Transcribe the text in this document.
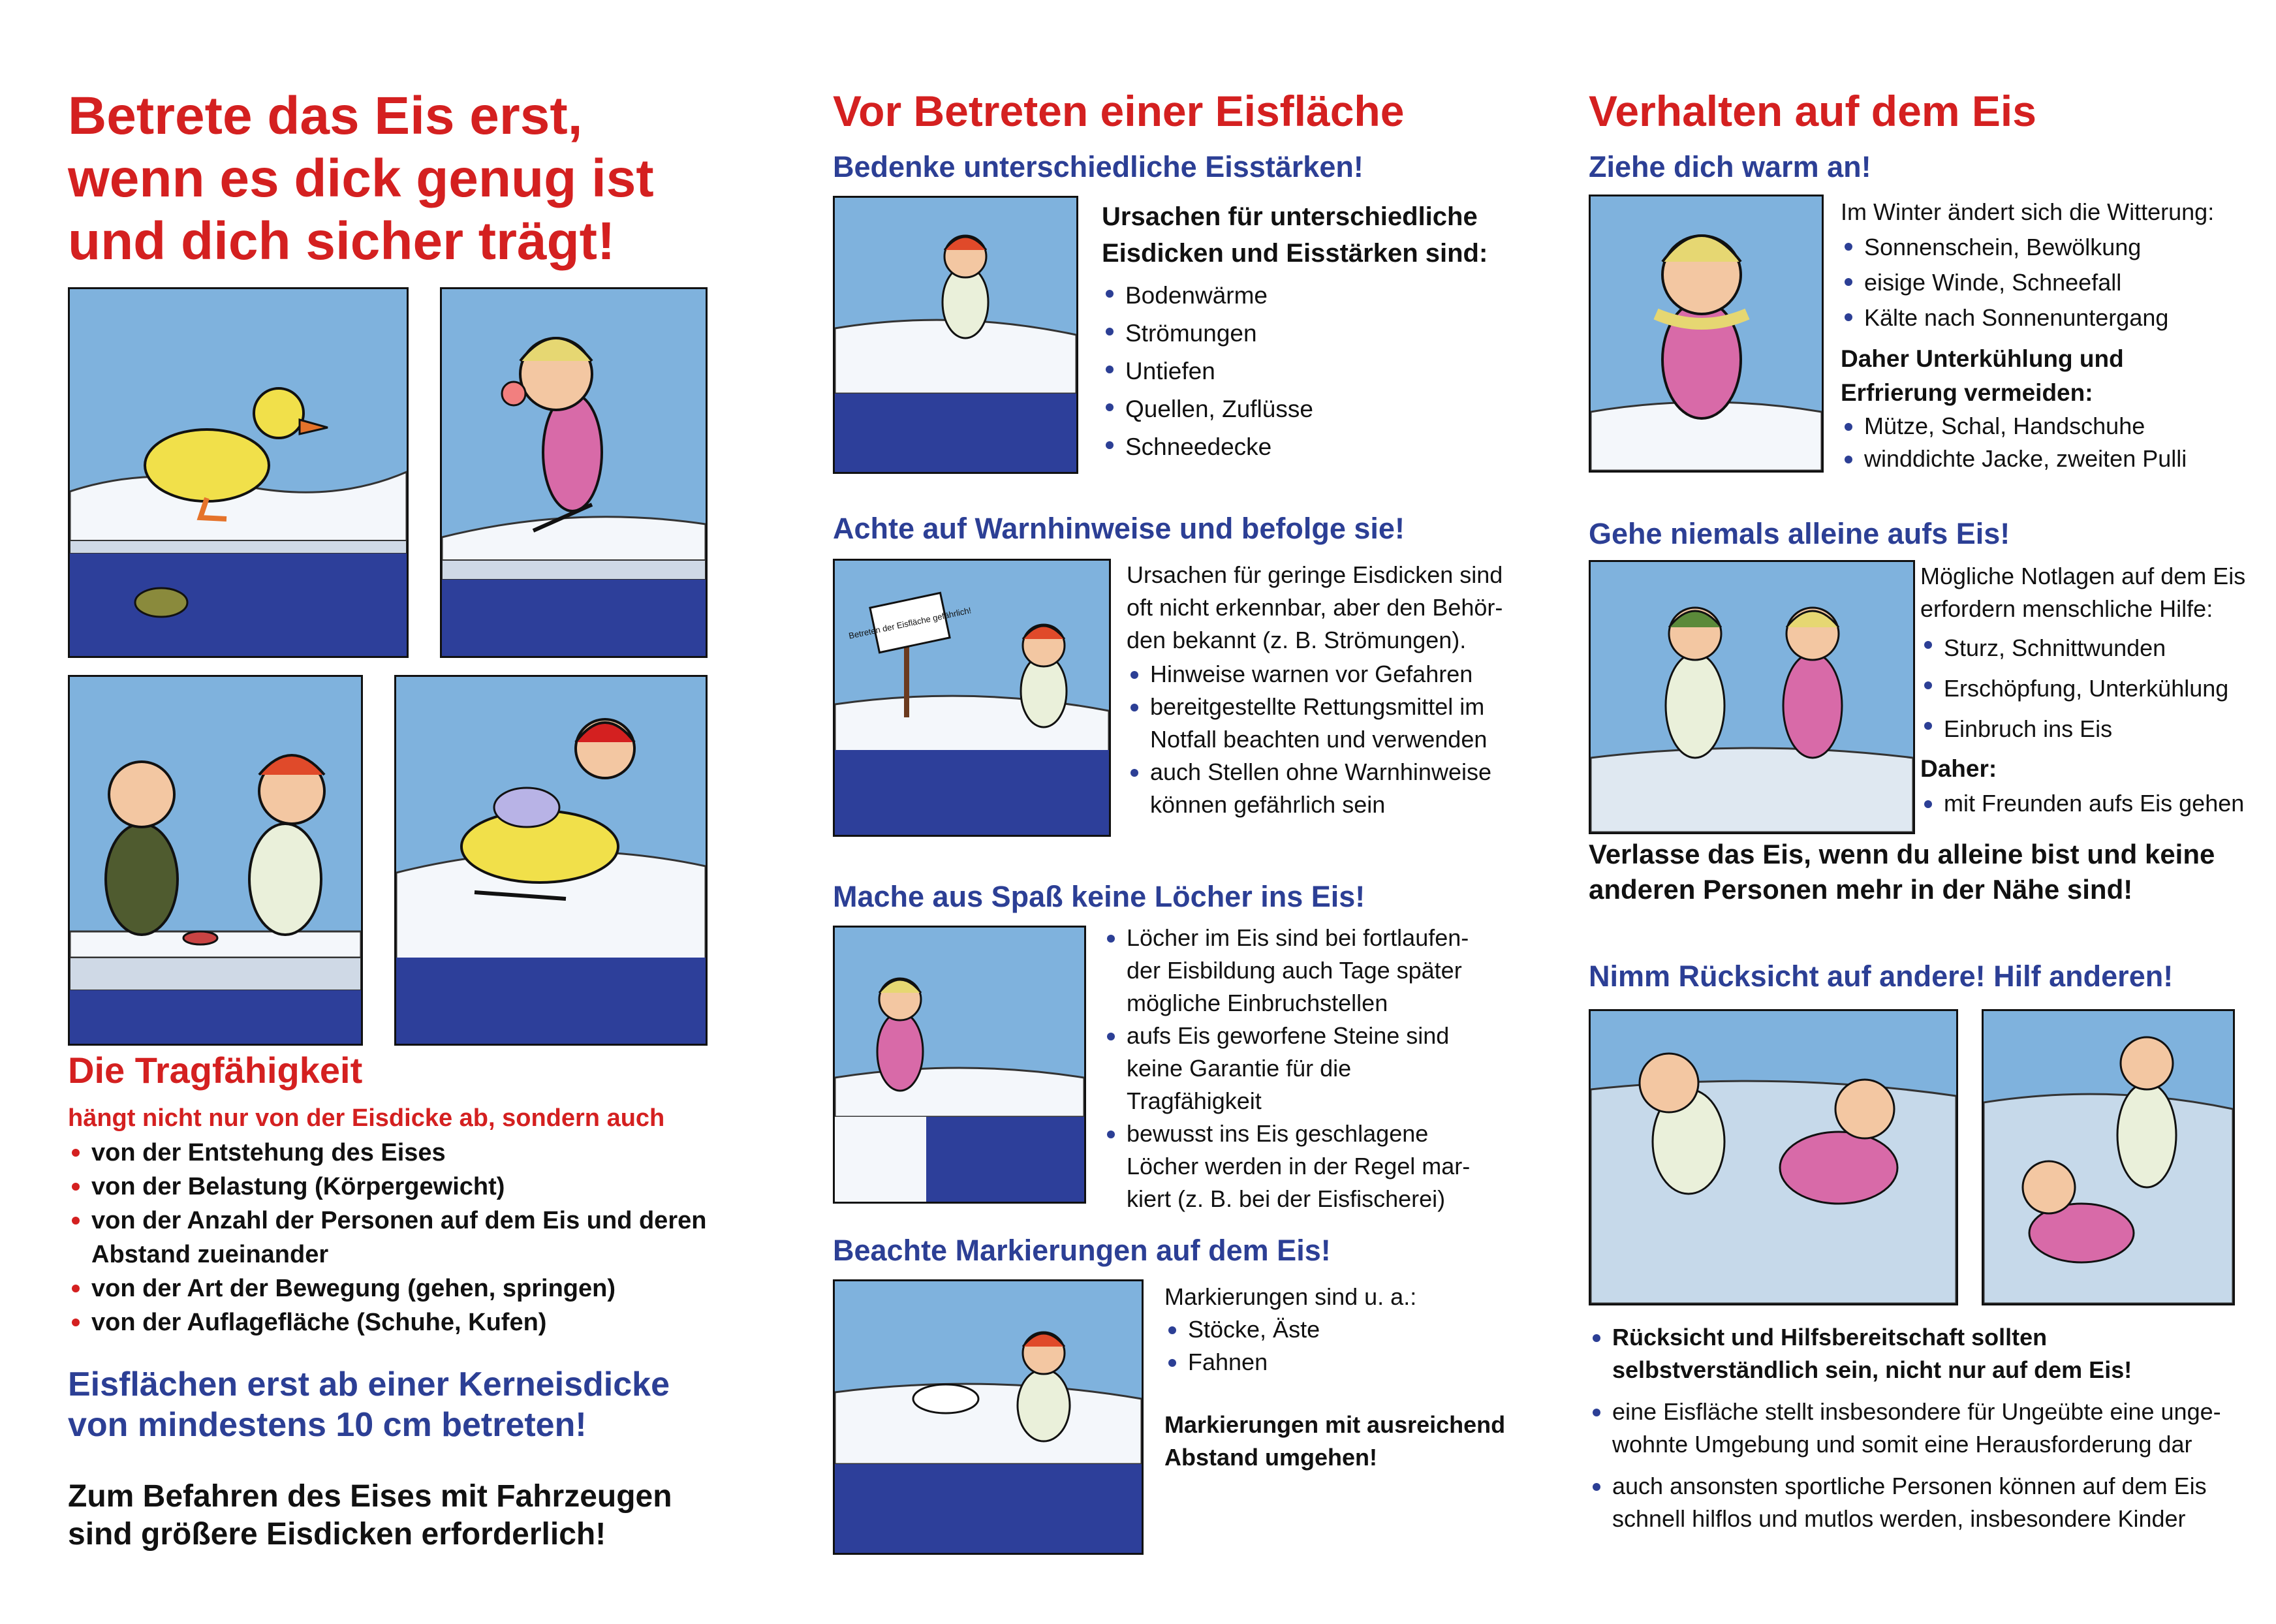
Betrete das Eis erst,
wenn es dick genug ist
und dich sicher trägt!
Die Tragfähigkeit
hängt nicht nur von der Eisdicke ab, sondern auch
von der Entstehung des Eises
von der Belastung (Körpergewicht)
von der Anzahl der Personen auf dem Eis und deren Abstand zueinander
von der Art der Bewegung (gehen, springen)
von der Auflagefläche (Schuhe, Kufen)
Eisflächen erst ab einer Kerneisdicke
von mindestens 10 cm betreten!
Zum Befahren des Eises mit Fahrzeugen
sind größere Eisdicken erforderlich!
Vor Betreten einer Eisfläche
Bedenke unterschiedliche Eisstärken!
Ursachen für unterschiedliche
Eisdicken und Eisstärken sind:
Bodenwärme
Strömungen
Untiefen
Quellen, Zuflüsse
Schneedecke
Achte auf Warnhinweise und befolge sie!
Betreten der Eisfläche gefährlich!
Ursachen für geringe Eisdicken sind
oft nicht erkennbar, aber den Behör-
den bekannt (z. B. Strömungen).
Hinweise warnen vor Gefahren
bereitgestellte Rettungsmittel im Notfall beachten und verwenden
auch Stellen ohne Warnhinweise können gefährlich sein
Mache aus Spaß keine Löcher ins Eis!
Löcher im Eis sind bei fortlaufen-der Eisbildung auch Tage später mögliche Einbruchstellen
aufs Eis geworfene Steine sind keine Garantie für die Tragfähigkeit
bewusst ins Eis geschlagene Löcher werden in der Regel mar-kiert (z. B. bei der Eisfischerei)
Beachte Markierungen auf dem Eis!
Markierungen sind u. a.:
Stöcke, Äste
Fahnen
Markierungen mit ausreichend
Abstand umgehen!
Verhalten auf dem Eis
Ziehe dich warm an!
Im Winter ändert sich die Witterung:
Sonnenschein, Bewölkung
eisige Winde, Schneefall
Kälte nach Sonnenuntergang
Daher Unterkühlung und
Erfrierung vermeiden:
Mütze, Schal, Handschuhe
winddichte Jacke, zweiten Pulli
Gehe niemals alleine aufs Eis!
Mögliche Notlagen auf dem Eis
erfordern menschliche Hilfe:
Sturz, Schnittwunden
Erschöpfung, Unterkühlung
Einbruch ins Eis
Daher:
mit Freunden aufs Eis gehen
Verlasse das Eis, wenn du alleine bist und keine
anderen Personen mehr in der Nähe sind!
Nimm Rücksicht auf andere! Hilf anderen!
Rücksicht und Hilfsbereitschaft sollten selbstverständlich sein, nicht nur auf dem Eis!
eine Eisfläche stellt insbesondere für Ungeübte eine unge-wohnte Umgebung und somit eine Herausforderung dar
auch ansonsten sportliche Personen können auf dem Eis schnell hilflos und mutlos werden, insbesondere Kinder
